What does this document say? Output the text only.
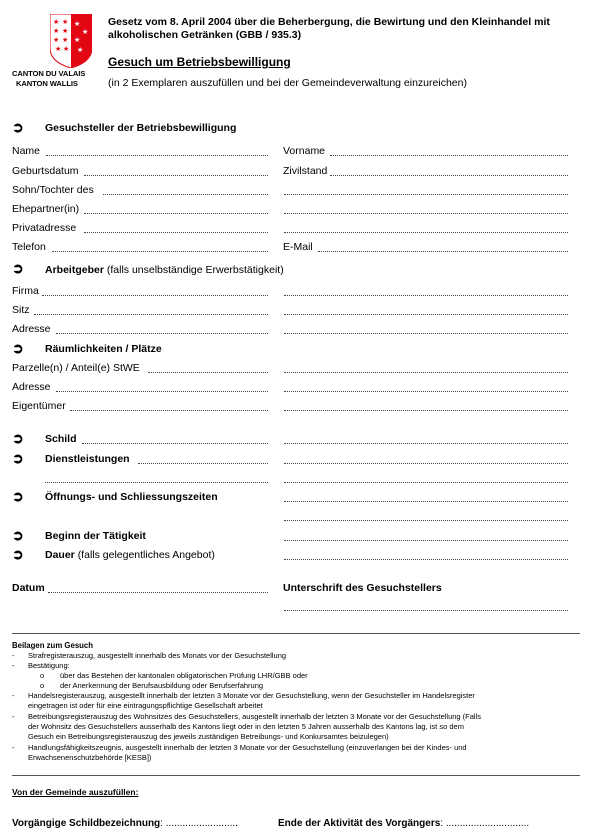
★ ★
★ ★
★ ★
★ ★
★
★
★
★
CANTON DU VALAIS
KANTON WALLIS
Gesetz vom 8. April 2004 über die Beherbergung, die Bewirtung und den Kleinhandel mit alkoholischen Getränken (GBB / 935.3)
Gesuch um Betriebsbewilligung
(in 2 Exemplaren auszufüllen und bei der Gemeindeverwaltung einzureichen)
➲ Gesuchsteller der Betriebsbewilligung
Name	Vorname
Geburtsdatum	Zivilstand
Sohn/Tochter des
Ehepartner(in)
Privatadresse
Telefon	E-Mail
➲ Arbeitgeber (falls unselbständige Erwerbstätigkeit)
Firma
Sitz
Adresse
➲ Räumlichkeiten / Plätze
Parzelle(n) / Anteil(e) StWE
Adresse
Eigentümer
➲ Schild
➲ Dienstleistungen
➲ Öffnungs- und Schliessungszeiten
➲ Beginn der Tätigkeit
➲ Dauer (falls gelegentliches Angebot)
Datum	Unterschrift des Gesuchstellers
Beilagen zum Gesuch
- Strafregisterauszug, ausgestellt innerhalb des Monats vor der Gesuchstellung
- Bestätigung:
o über das Bestehen der kantonalen obligatorischen Prüfung LHR/GBB oder
o der Anerkennung der Berufsausbildung oder Berufserfahrung
- Handelsregisterauszug, ausgestellt innerhalb der letzten 3 Monate vor der Gesuchstellung, wenn der Gesuchsteller im Handelsregister
eingetragen ist oder für eine eintragungspflichtige Gesellschaft arbeitet
- Betreibungsregisterauszug des Wohnsitzes des Gesuchstellers, ausgestellt innerhalb der letzten 3 Monate vor der Gesuchstellung (Falls
der Wohnsitz des Gesuchstellers ausserhalb des Kantons liegt oder in den letzten 5 Jahren ausserhalb des Kantons lag, ist so dem
Gesuch ein Betreibungsregisterauszug des jeweils zuständigen Betreibungs- und Konkursamtes beizulegen)
- Handlungsfähigkeitszeugnis, ausgestellt innerhalb der letzten 3 Monate vor der Gesuchstellung (einzuverlangen bei der Kindes- und
Erwachsenenschutzbehörde [KESB])
Von der Gemeinde auszufüllen:
Vorgängige Schildbezeichnung: ..........................	Ende der Aktivität des Vorgängers: ..............................
